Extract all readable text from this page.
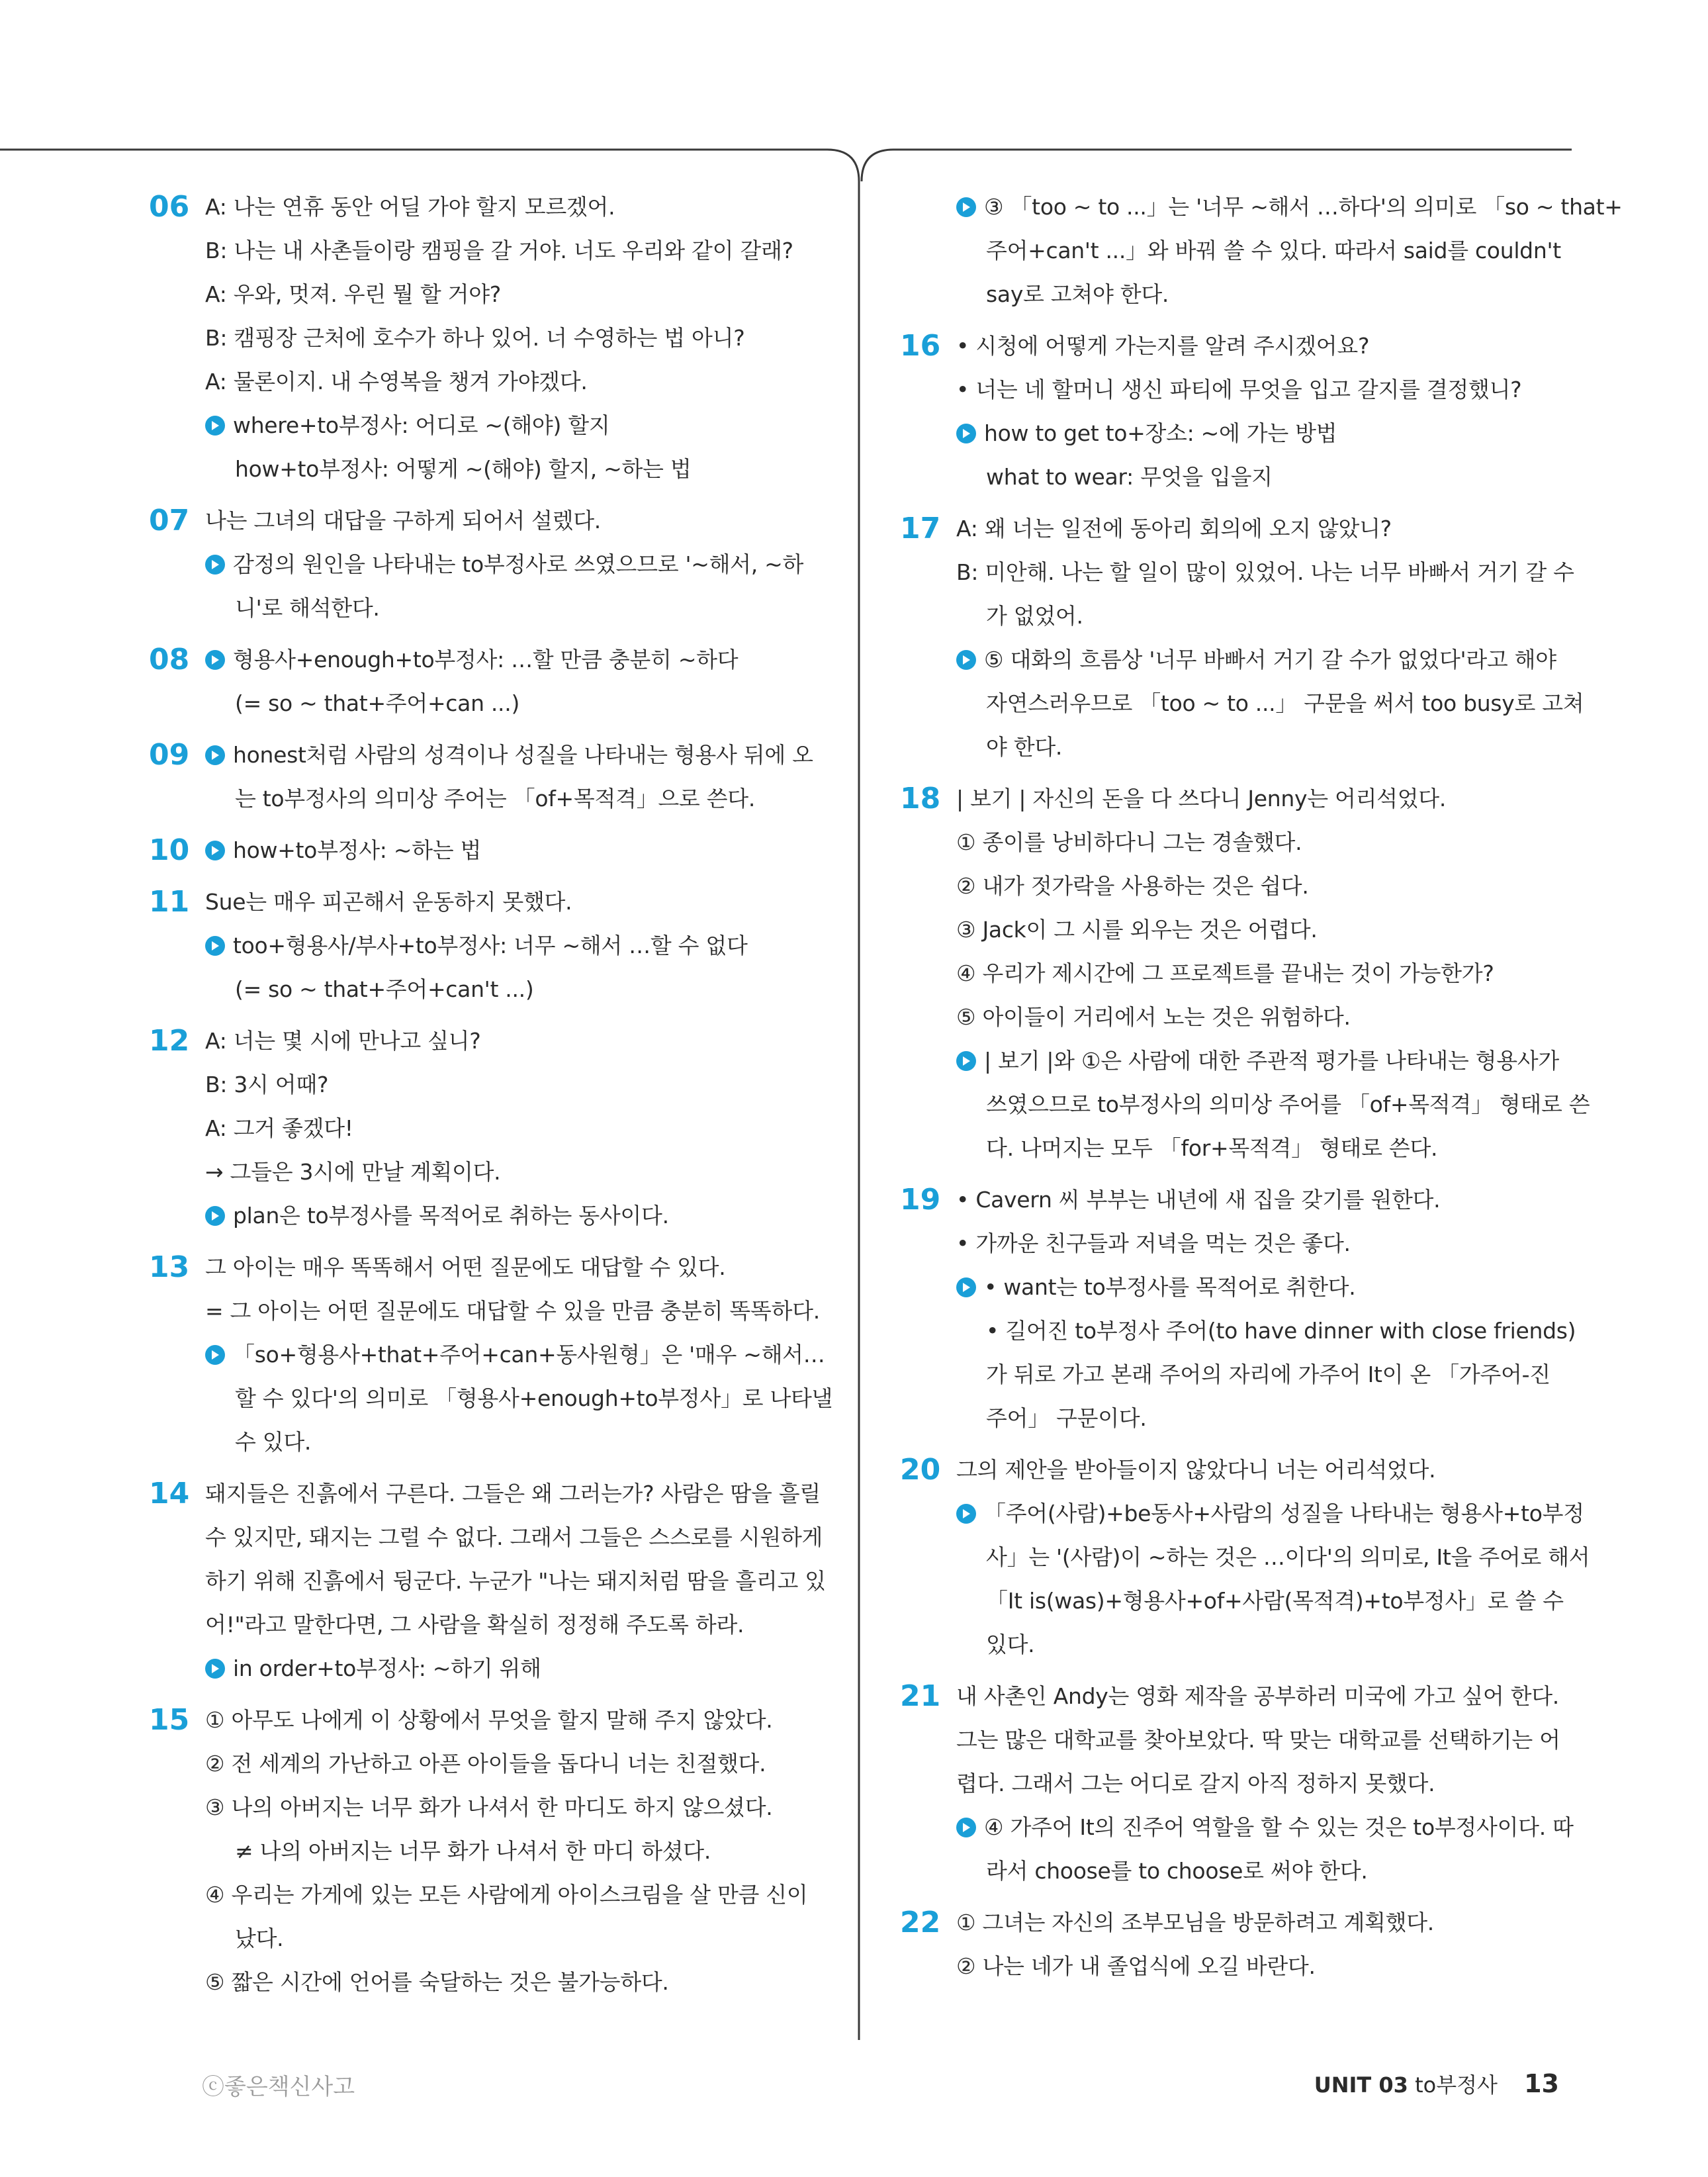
06 A: 나는 연휴 동안 어딜 가야 할지 모르겠어.
B: 나는 내 사촌들이랑 캠핑을 갈 거야. 너도 우리와 같이 갈래?
A: 우와, 멋져. 우린 뭘 할 거야?
B: 캠핑장 근처에 호수가 하나 있어. 너 수영하는 법 아니?
A: 물론이지. 내 수영복을 챙겨 가야겠다.
where+to부정사: 어디로 ~(해야) 할지
how+to부정사: 어떻게 ~(해야) 할지, ~하는 법
07 나는 그녀의 대답을 구하게 되어서 설렜다.
감정의 원인을 나타내는 to부정사로 쓰였으므로 '~해서, ~하
니'로 해석한다.
08	형용사+enough+to부정사: …할 만큼 충분히 ~하다
(= so ~ that+주어+can ...)
09	honest처럼 사람의 성격이나 성질을 나타내는 형용사 뒤에 오
는 to부정사의 의미상 주어는 「of+목적격」으로 쓴다.
10	how+to부정사: ~하는 법
11 Sue는 매우 피곤해서 운동하지 못했다.
too+형용사/부사+to부정사: 너무 ~해서 …할 수 없다
(= so ~ that+주어+can't ...)
12 A: 너는 몇 시에 만나고 싶니?
B: 3시 어때?
A: 그거 좋겠다!
→ 그들은 3시에 만날 계획이다.
plan은 to부정사를 목적어로 취하는 동사이다.
13 그 아이는 매우 똑똑해서 어떤 질문에도 대답할 수 있다.
= 그 아이는 어떤 질문에도 대답할 수 있을 만큼 충분히 똑똑하다.
「so+형용사+that+주어+can+동사원형」은 '매우 ~해서…
할 수 있다'의 의미로 「형용사+enough+to부정사」로 나타낼
수 있다.
14 돼지들은 진흙에서 구른다. 그들은 왜 그러는가? 사람은 땀을 흘릴
수 있지만, 돼지는 그럴 수 없다. 그래서 그들은 스스로를 시원하게
하기 위해 진흙에서 뒹군다. 누군가 "나는 돼지처럼 땀을 흘리고 있
어!"라고 말한다면, 그 사람을 확실히 정정해 주도록 하라.
in order+to부정사: ~하기 위해
15 ① 아무도 나에게 이 상황에서 무엇을 할지 말해 주지 않았다.
② 전 세계의 가난하고 아픈 아이들을 돕다니 너는 친절했다.
③ 나의 아버지는 너무 화가 나셔서 한 마디도 하지 않으셨다.
≠ 나의 아버지는 너무 화가 나셔서 한 마디 하셨다.
④ 우리는 가게에 있는 모든 사람에게 아이스크림을 살 만큼 신이
났다.
⑤ 짧은 시간에 언어를 숙달하는 것은 불가능하다.
③ 「too ~ to ...」는 '너무 ~해서 …하다'의 의미로 「so ~ that+
주어+can't ...」와 바꿔 쓸 수 있다. 따라서 said를 couldn't
say로 고쳐야 한다.
16 • 시청에 어떻게 가는지를 알려 주시겠어요?
• 너는 네 할머니 생신 파티에 무엇을 입고 갈지를 결정했니?
how to get to+장소: ~에 가는 방법
what to wear: 무엇을 입을지
17 A: 왜 너는 일전에 동아리 회의에 오지 않았니?
B: 미안해. 나는 할 일이 많이 있었어. 나는 너무 바빠서 거기 갈 수
가 없었어.
⑤ 대화의 흐름상 '너무 바빠서 거기 갈 수가 없었다'라고 해야
자연스러우므로 「too ~ to ...」 구문을 써서 too busy로 고쳐
야 한다.
18 | 보기 | 자신의 돈을 다 쓰다니 Jenny는 어리석었다.
① 종이를 낭비하다니 그는 경솔했다.
② 내가 젓가락을 사용하는 것은 쉽다.
③ Jack이 그 시를 외우는 것은 어렵다.
④ 우리가 제시간에 그 프로젝트를 끝내는 것이 가능한가?
⑤ 아이들이 거리에서 노는 것은 위험하다.
| 보기 |와 ①은 사람에 대한 주관적 평가를 나타내는 형용사가
쓰였으므로 to부정사의 의미상 주어를 「of+목적격」 형태로 쓴
다. 나머지는 모두 「for+목적격」 형태로 쓴다.
19 • Cavern 씨 부부는 내년에 새 집을 갖기를 원한다.
• 가까운 친구들과 저녁을 먹는 것은 좋다.
• want는 to부정사를 목적어로 취한다.
• 길어진 to부정사 주어(to have dinner with close friends)
가 뒤로 가고 본래 주어의 자리에 가주어 It이 온 「가주어-진
주어」 구문이다.
20 그의 제안을 받아들이지 않았다니 너는 어리석었다.
「주어(사람)+be동사+사람의 성질을 나타내는 형용사+to부정
사」는 '(사람)이 ~하는 것은 …이다'의 의미로, It을 주어로 해서
「It is(was)+형용사+of+사람(목적격)+to부정사」로 쓸 수
있다.
21 내 사촌인 Andy는 영화 제작을 공부하러 미국에 가고 싶어 한다.
그는 많은 대학교를 찾아보았다. 딱 맞는 대학교를 선택하기는 어
렵다. 그래서 그는 어디로 갈지 아직 정하지 못했다.
④ 가주어 It의 진주어 역할을 할 수 있는 것은 to부정사이다. 따
라서 choose를 to choose로 써야 한다.
22 ① 그녀는 자신의 조부모님을 방문하려고 계획했다.
② 나는 네가 내 졸업식에 오길 바란다.
ⓒ좋은책신사고	UNIT 03 to부정사 13
